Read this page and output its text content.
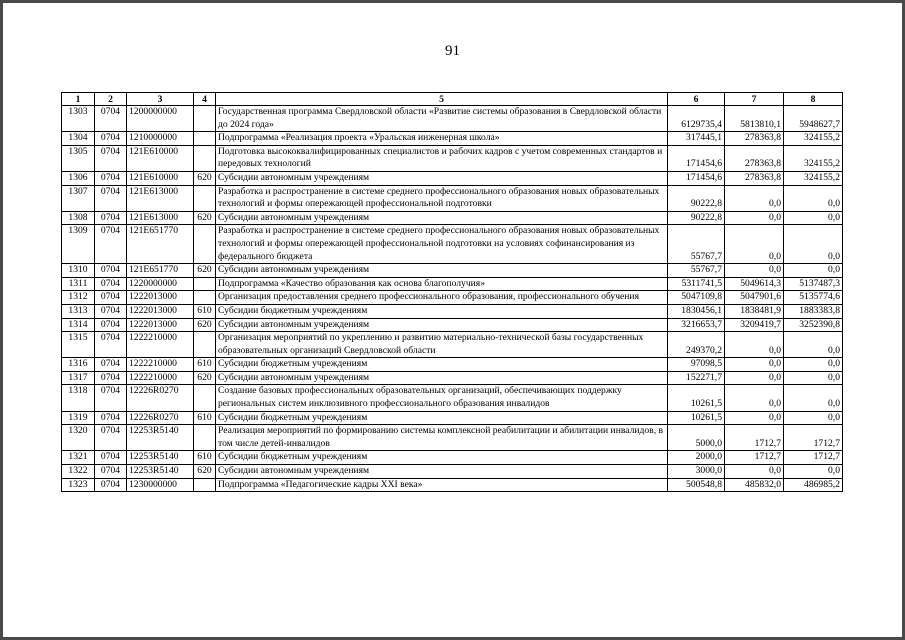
91
1	2	3	4	5	6	7	8
1303	0704	1200000000		Государственная программа Свердловской области «Развитие системы образования в Свердловской области до 2024 года»	6129735,4	5813810,1	5948627,7
1304	0704	1210000000		Подпрограмма «Реализация проекта «Уральская инженерная школа»	317445,1	278363,8	324155,2
1305	0704	121E610000		Подготовка высококвалифицированных специалистов и рабочих кадров с учетом современных стандартов и передовых технологий	171454,6	278363,8	324155,2
1306	0704	121E610000	620	Субсидии автономным учреждениям	171454,6	278363,8	324155,2
1307	0704	121E613000		Разработка и распространение в системе среднего профессионального образования новых образовательных технологий и формы опережающей профессиональной подготовки	90222,8	0,0	0,0
1308	0704	121E613000	620	Субсидии автономным учреждениям	90222,8	0,0	0,0
1309	0704	121E651770		Разработка и распространение в системе среднего профессионального образования новых образовательных технологий и формы опережающей профессиональной подготовки на условиях софинансирования из федерального бюджета	55767,7	0,0	0,0
1310	0704	121E651770	620	Субсидии автономным учреждениям	55767,7	0,0	0,0
1311	0704	1220000000		Подпрограмма «Качество образования как основа благополучия»	5311741,5	5049614,3	5137487,3
1312	0704	1222013000		Организация предоставления среднего профессионального образования, профессионального обучения	5047109,8	5047901,6	5135774,6
1313	0704	1222013000	610	Субсидии бюджетным учреждениям	1830456,1	1838481,9	1883383,8
1314	0704	1222013000	620	Субсидии автономным учреждениям	3216653,7	3209419,7	3252390,8
1315	0704	1222210000		Организация мероприятий по укреплению и развитию материально-технической базы государственных образовательных организаций Свердловской области	249370,2	0,0	0,0
1316	0704	1222210000	610	Субсидии бюджетным учреждениям	97098,5	0,0	0,0
1317	0704	1222210000	620	Субсидии автономным учреждениям	152271,7	0,0	0,0
1318	0704	12226R0270		Создание базовых профессиональных образовательных организаций, обеспечивающих поддержку региональных систем инклюзивного профессионального образования инвалидов	10261,5	0,0	0,0
1319	0704	12226R0270	610	Субсидии бюджетным учреждениям	10261,5	0,0	0,0
1320	0704	12253R5140		Реализация мероприятий по формированию системы комплексной реабилитации и абилитации инвалидов, в том числе детей-инвалидов	5000,0	1712,7	1712,7
1321	0704	12253R5140	610	Субсидии бюджетным учреждениям	2000,0	1712,7	1712,7
1322	0704	12253R5140	620	Субсидии автономным учреждениям	3000,0	0,0	0,0
1323	0704	1230000000		Подпрограмма «Педагогические кадры XXI века»	500548,8	485832,0	486985,2
